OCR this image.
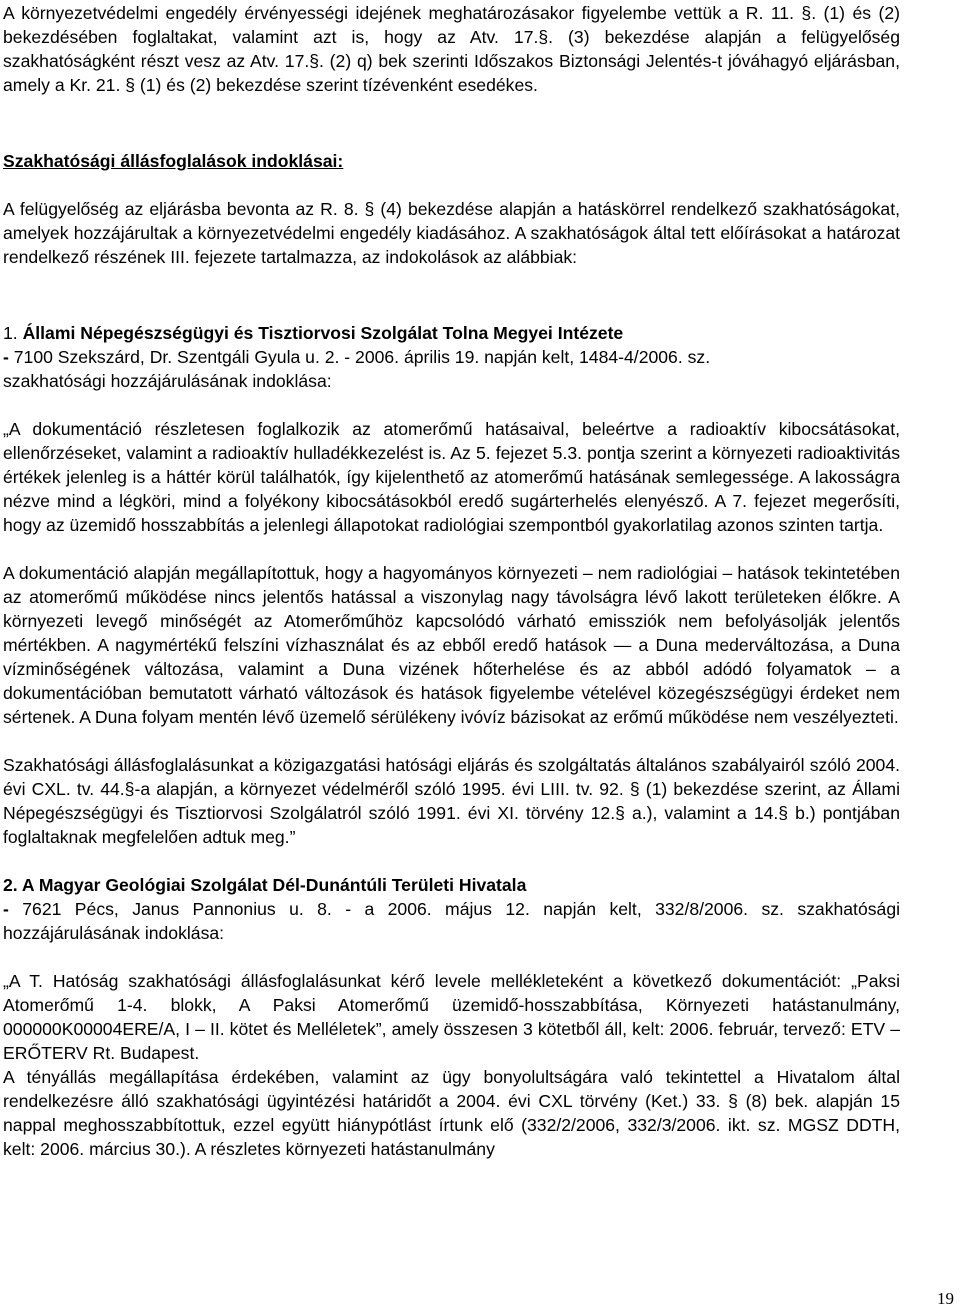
A környezetvédelmi engedély érvényességi idejének meghatározásakor figyelembe vettük a R. 11. §. (1) és (2) bekezdésében foglaltakat, valamint azt is, hogy az Atv. 17.§. (3) bekezdése alapján a felügyelőség szakhatóságként részt vesz az Atv. 17.§. (2) q) bek szerinti Időszakos Biztonsági Jelentés-t jóváhagyó eljárásban, amely a Kr. 21. § (1) és (2) bekezdése szerint tízévenként esedékes.

Szakhatósági állásfoglalások indoklásai:

A felügyelőség az eljárásba bevonta az R. 8. § (4) bekezdése alapján a hatáskörrel rendelkező szakhatóságokat, amelyek hozzájárultak a környezetvédelmi engedély kiadásához. A szakhatóságok által tett előírásokat a határozat rendelkező részének III. fejezete tartalmazza, az indokolások az alábbiak:

1. Állami Népegészségügyi és Tisztiorvosi Szolgálat Tolna Megyei Intézete

- 7100 Szekszárd, Dr. Szentgáli Gyula u. 2. - 2006. április 19. napján kelt, 1484-4/2006. sz.

szakhatósági hozzájárulásának indoklása:

„A dokumentáció részletesen foglalkozik az atomerőmű hatásaival, beleértve a radioaktív kibocsátásokat, ellenőrzéseket, valamint a radioaktív hulladékkezelést is. Az 5. fejezet 5.3. pontja szerint a környezeti radioaktivitás értékek jelenleg is a háttér körül találhatók, így kijelenthető az atomerőmű hatásának semlegessége. A lakosságra nézve mind a légköri, mind a folyékony kibocsátásokból eredő sugárterhelés elenyésző. A 7. fejezet megerősíti, hogy az üzemidő hosszabbítás a jelenlegi állapotokat radiológiai szempontból gyakorlatilag azonos szinten tartja.

A dokumentáció alapján megállapítottuk, hogy a hagyományos környezeti – nem radiológiai – hatások tekintetében az atomerőmű működése nincs jelentős hatással a viszonylag nagy távolságra lévő lakott területeken élőkre. A környezeti levegő minőségét az Atomerőműhöz kapcsolódó várható emissziók nem befolyásolják jelentős mértékben. A nagymértékű felszíni vízhasználat és az ebből eredő hatások — a Duna mederváltozása, a Duna vízminőségének változása, valamint a Duna vizének hőterhelése és az abból adódó folyamatok – a dokumentációban bemutatott várható változások és hatások figyelembe vételével közegészségügyi érdeket nem sértenek. A Duna folyam mentén lévő üzemelő sérülékeny ivóvíz bázisokat az erőmű működése nem veszélyezteti.

Szakhatósági állásfoglalásunkat a közigazgatási hatósági eljárás és szolgáltatás általános szabályairól szóló 2004. évi CXL. tv. 44.§-a alapján, a környezet védelméről szóló 1995. évi LIII. tv. 92. § (1) bekezdése szerint, az Állami Népegészségügyi és Tisztiorvosi Szolgálatról szóló 1991. évi XI. törvény 12.§ a.), valamint a 14.§ b.) pontjában foglaltaknak megfelelően adtuk meg.”

2. A Magyar Geológiai Szolgálat Dél-Dunántúli Területi Hivatala

- 7621 Pécs, Janus Pannonius u. 8. - a 2006. május 12. napján kelt, 332/8/2006. sz. szakhatósági hozzájárulásának indoklása:

„A T. Hatóság szakhatósági állásfoglalásunkat kérő levele mellékleteként a következő dokumentációt: „Paksi Atomerőmű 1-4. blokk, A Paksi Atomerőmű üzemidő-hosszabbítása, Környezeti hatástanulmány, 000000K00004ERE/A, I – II. kötet és Melléletek”, amely összesen 3 kötetből áll, kelt: 2006. február, tervező: ETV – ERŐTERV Rt. Budapest.

A tényállás megállapítása érdekében, valamint az ügy bonyolultságára való tekintettel a Hivatalom által rendelkezésre álló szakhatósági ügyintézési határidőt a 2004. évi CXL törvény (Ket.) 33. § (8) bek. alapján 15 nappal meghosszabbítottuk, ezzel együtt hiánypótlást írtunk elő (332/2/2006, 332/3/2006. ikt. sz. MGSZ DDTH, kelt: 2006. március 30.). A részletes környezeti hatástanulmány

19
